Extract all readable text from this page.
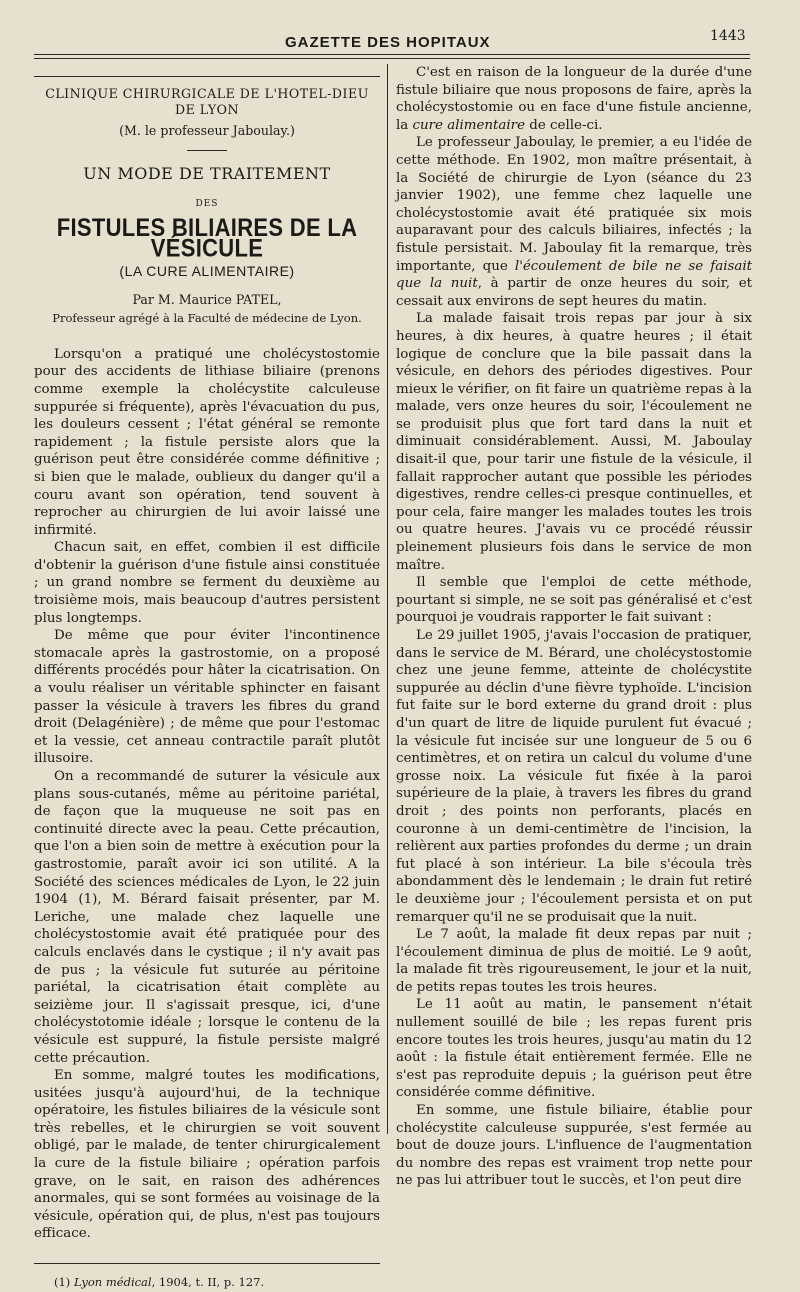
GAZETTE DES HOPITAUX	1443
CLINIQUE CHIRURGICALE DE L'HOTEL-DIEU DE LYON
(M. le professeur Jaboulay.)
UN MODE DE TRAITEMENT
DES
FISTULES BILIAIRES DE LA VÉSICULE
(LA CURE ALIMENTAIRE)
Par M. Maurice PATEL,
Professeur agrégé à la Faculté de médecine de Lyon.

Lorsqu'on a pratiqué une cholécystostomie pour des accidents de lithiase biliaire (prenons comme exemple la cholécystite calculeuse suppurée si fréquente), après l'évacuation du pus, les douleurs cessent ; l'état général se remonte rapidement ; la fistule persiste alors que la guérison peut être considérée comme définitive ; si bien que le malade, oublieux du danger qu'il a couru avant son opération, tend souvent à reprocher au chirurgien de lui avoir laissé une infirmité.

Chacun sait, en effet, combien il est difficile d'obtenir la guérison d'une fistule ainsi constituée ; un grand nombre se ferment du deuxième au troisième mois, mais beaucoup d'autres persistent plus longtemps.

De même que pour éviter l'incontinence stomacale après la gastrostomie, on a proposé différents procédés pour hâter la cicatrisation. On a voulu réaliser un véritable sphincter en faisant passer la vésicule à travers les fibres du grand droit (Delagénière) ; de même que pour l'estomac et la vessie, cet anneau contractile paraît plutôt illusoire.

On a recommandé de suturer la vésicule aux plans sous-cutanés, même au péritoine pariétal, de façon que la muqueuse ne soit pas en continuité directe avec la peau. Cette précaution, que l'on a bien soin de mettre à exécution pour la gastrostomie, paraît avoir ici son utilité. A la Société des sciences médicales de Lyon, le 22 juin 1904 (1), M. Bérard faisait présenter, par M. Leriche, une malade chez laquelle une cholécystostomie avait été pratiquée pour des calculs enclavés dans le cystique ; il n'y avait pas de pus ; la vésicule fut suturée au péritoine pariétal, la cicatrisation était complète au seizième jour. Il s'agissait presque, ici, d'une cholécystotomie idéale ; lorsque le contenu de la vésicule est suppuré, la fistule persiste malgré cette précaution.

En somme, malgré toutes les modifications, usitées jusqu'à aujourd'hui, de la technique opératoire, les fistules biliaires de la vésicule sont très rebelles, et le chirurgien se voit souvent obligé, par le malade, de tenter chirurgicalement la cure de la fistule biliaire ; opération parfois grave, on le sait, en raison des adhérences anormales, qui se sont formées au voisinage de la vésicule, opération qui, de plus, n'est pas toujours efficace.

(1) Lyon médical, 1904, t. II, p. 127.

C'est en raison de la longueur de la durée d'une fistule biliaire que nous proposons de faire, après la cholécystostomie ou en face d'une fistule ancienne, la cure alimentaire de celle-ci.

Le professeur Jaboulay, le premier, a eu l'idée de cette méthode. En 1902, mon maître présentait, à la Société de chirurgie de Lyon (séance du 23 janvier 1902), une femme chez laquelle une cholécystostomie avait été pratiquée six mois auparavant pour des calculs biliaires, infectés ; la fistule persistait. M. Jaboulay fit la remarque, très importante, que l'écoulement de bile ne se faisait que la nuit, à partir de onze heures du soir, et cessait aux environs de sept heures du matin.

La malade faisait trois repas par jour à six heures, à dix heures, à quatre heures ; il était logique de conclure que la bile passait dans la vésicule, en dehors des périodes digestives. Pour mieux le vérifier, on fit faire un quatrième repas à la malade, vers onze heures du soir, l'écoulement ne se produisit plus que fort tard dans la nuit et diminuait considérablement. Aussi, M. Jaboulay disait-il que, pour tarir une fistule de la vésicule, il fallait rapprocher autant que possible les périodes digestives, rendre celles-ci presque continuelles, et pour cela, faire manger les malades toutes les trois ou quatre heures. J'avais vu ce procédé réussir pleinement plusieurs fois dans le service de mon maître.

Il semble que l'emploi de cette méthode, pourtant si simple, ne se soit pas généralisé et c'est pourquoi je voudrais rapporter le fait suivant :

Le 29 juillet 1905, j'avais l'occasion de pratiquer, dans le service de M. Bérard, une cholécystostomie chez une jeune femme, atteinte de cholécystite suppurée au déclin d'une fièvre typhoïde. L'incision fut faite sur le bord externe du grand droit : plus d'un quart de litre de liquide purulent fut évacué ; la vésicule fut incisée sur une longueur de 5 ou 6 centimètres, et on retira un calcul du volume d'une grosse noix. La vésicule fut fixée à la paroi supérieure de la plaie, à travers les fibres du grand droit ; des points non perforants, placés en couronne à un demi-centimètre de l'incision, la relièrent aux parties profondes du derme ; un drain fut placé à son intérieur. La bile s'écoula très abondamment dès le lendemain ; le drain fut retiré le deuxième jour ; l'écoulement persista et on put remarquer qu'il ne se produisait que la nuit.

Le 7 août, la malade fit deux repas par nuit ; l'écoulement diminua de plus de moitié. Le 9 août, la malade fit très rigoureusement, le jour et la nuit, de petits repas toutes les trois heures.

Le 11 août au matin, le pansement n'était nullement souillé de bile ; les repas furent pris encore toutes les trois heures, jusqu'au matin du 12 août : la fistule était entièrement fermée. Elle ne s'est pas reproduite depuis ; la guérison peut être considérée comme définitive.

En somme, une fistule biliaire, établie pour cholécystite calculeuse suppurée, s'est fermée au bout de douze jours. L'influence de l'augmentation du nombre des repas est vraiment trop nette pour ne pas lui attribuer tout le succès, et l'on peut dire
